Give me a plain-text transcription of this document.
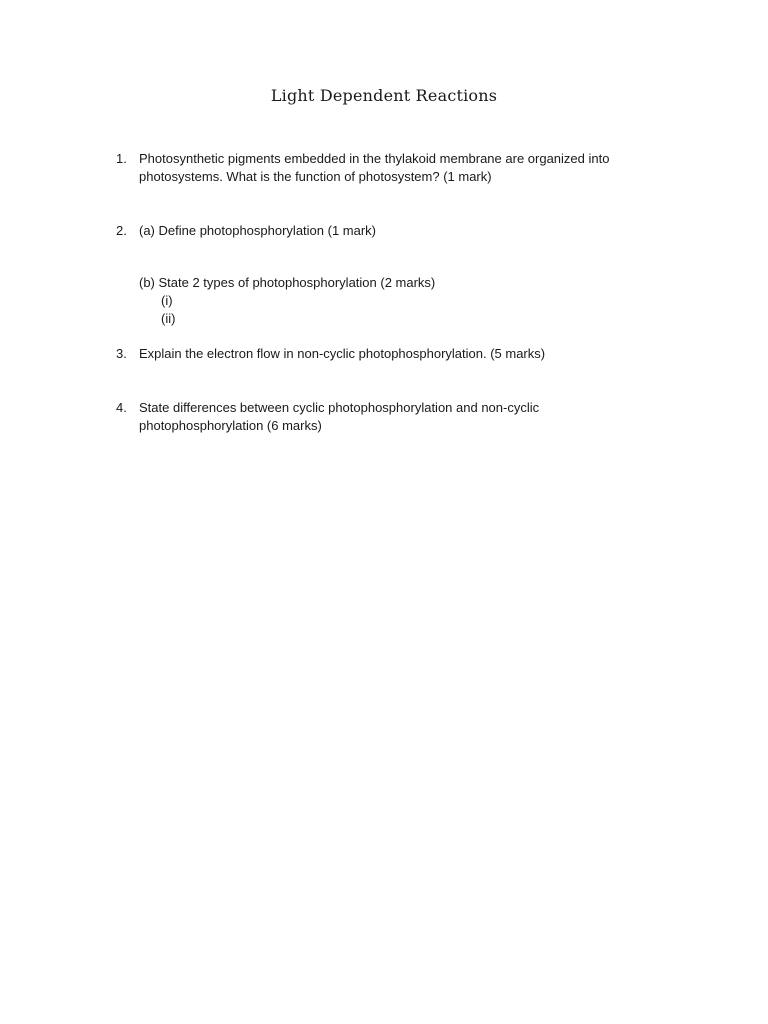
Light Dependent Reactions
1. Photosynthetic pigments embedded in the thylakoid membrane are organized into photosystems. What is the function of photosystem? (1 mark)
2. (a) Define photophosphorylation (1 mark)
(b) State 2 types of photophosphorylation (2 marks)
(i)
(ii)
3. Explain the electron flow in non-cyclic photophosphorylation. (5 marks)
4. State differences between cyclic photophosphorylation and non-cyclic photophosphorylation (6 marks)
